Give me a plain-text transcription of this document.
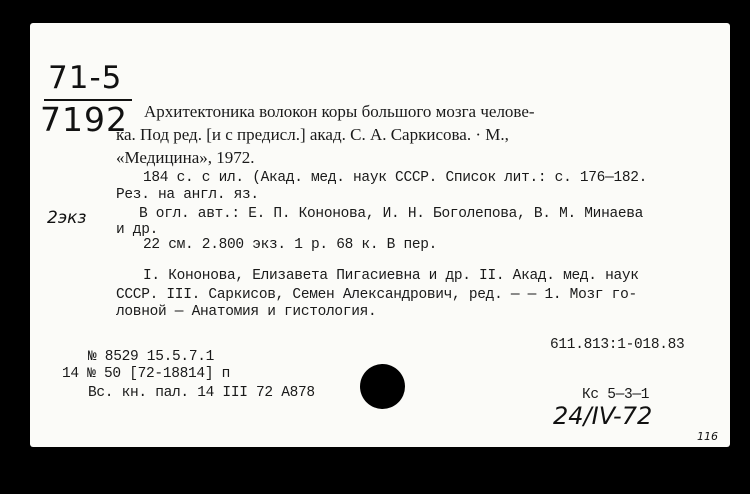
71-5
7192
2экз
Архитектоника волокон коры большого мозга челове-
ка. Под ред. [и с предисл.] акад. С. А. Саркисова. · М.,
«Медицина», 1972.
184 с. с ил. (Акад. мед. наук СССР. Список лит.: с. 176—182.
Рез. на англ. яз.
В огл. авт.: Е. П. Кононова, И. Н. Боголепова, В. М. Минаева
и др.
22 см. 2.800 экз. 1 р. 68 к. В пер.
I. Кононова, Елизавета Пигасиевна и др. II. Акад. мед. наук
СССР. III. Саркисов, Семен Александрович, ред. — — 1. Мозг го-
ловной — Анатомия и гистология.
611.813:1-018.83
№ 8529 15.5.7.1
14 № 50 [72-18814] п
Вс. кн. пал. 14 III 72 А878	Кс 5—3—1
24/IV-72
116
